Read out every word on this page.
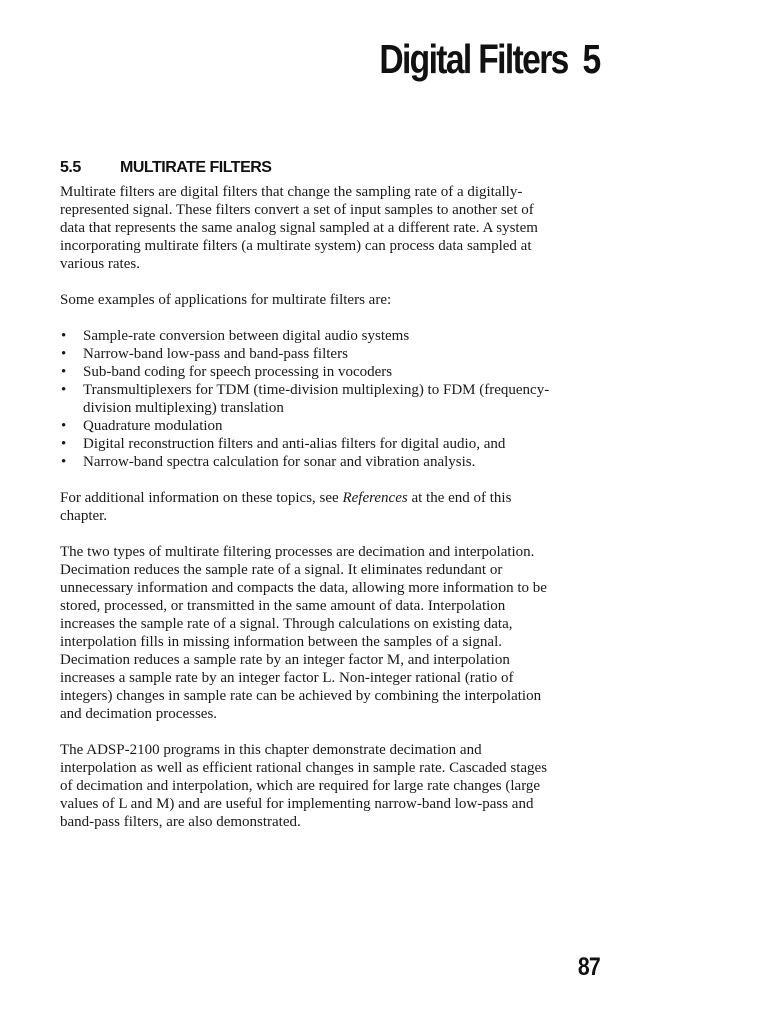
Digital Filters 5
5.5 MULTIRATE FILTERS

Multirate filters are digital filters that change the sampling rate of a digitally-represented signal. These filters convert a set of input samples to another set of data that represents the same analog signal sampled at a different rate. A system incorporating multirate filters (a multirate system) can process data sampled at various rates.

Some examples of applications for multirate filters are:

• Sample-rate conversion between digital audio systems
• Narrow-band low-pass and band-pass filters
• Sub-band coding for speech processing in vocoders
• Transmultiplexers for TDM (time-division multiplexing) to FDM (frequency-division multiplexing) translation
• Quadrature modulation
• Digital reconstruction filters and anti-alias filters for digital audio, and
• Narrow-band spectra calculation for sonar and vibration analysis.

For additional information on these topics, see References at the end of this chapter.

The two types of multirate filtering processes are decimation and interpolation. Decimation reduces the sample rate of a signal. It eliminates redundant or unnecessary information and compacts the data, allowing more information to be stored, processed, or transmitted in the same amount of data. Interpolation increases the sample rate of a signal. Through calculations on existing data, interpolation fills in missing information between the samples of a signal. Decimation reduces a sample rate by an integer factor M, and interpolation increases a sample rate by an integer factor L. Non-integer rational (ratio of integers) changes in sample rate can be achieved by combining the interpolation and decimation processes.

The ADSP-2100 programs in this chapter demonstrate decimation and interpolation as well as efficient rational changes in sample rate. Cascaded stages of decimation and interpolation, which are required for large rate changes (large values of L and M) and are useful for implementing narrow-band low-pass and band-pass filters, are also demonstrated.

87
